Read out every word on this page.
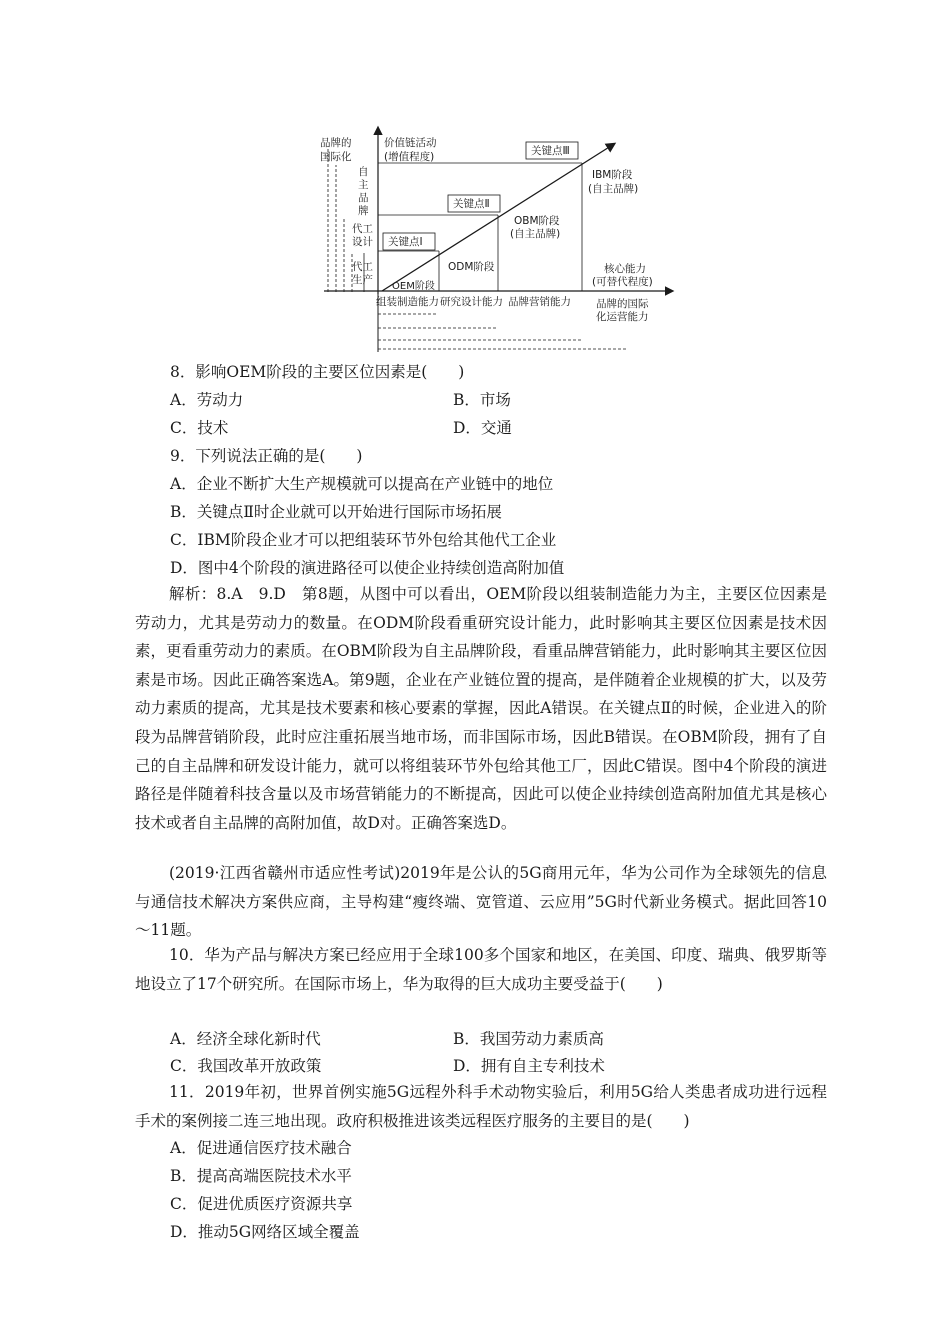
品牌的
国际化
价值链活动
(增值程度)
自
主
品
牌
代工
设计
代工
生产
关键点Ⅰ
关键点Ⅱ
关键点Ⅲ
OEM阶段
ODM阶段
OBM阶段
(自主品牌)
IBM阶段
(自主品牌)
核心能力
(可替代程度)
组装制造能力 研究设计能力 品牌营销能力 品牌的国际
化运营能力
8．影响OEM阶段的主要区位因素是(　　)
A．劳动力	B．市场
C．技术	D．交通
9．下列说法正确的是(　　)
A．企业不断扩大生产规模就可以提高在产业链中的地位
B．关键点Ⅱ时企业就可以开始进行国际市场拓展
C．IBM阶段企业才可以把组装环节外包给其他代工企业
D．图中4个阶段的演进路径可以使企业持续创造高附加值
解析：8.A　9.D　第8题，从图中可以看出，OEM阶段以组装制造能力为主，主要区位因素是劳动力，尤其是劳动力的数量。在ODM阶段看重研究设计能力，此时影响其主要区位因素是技术因素，更看重劳动力的素质。在OBM阶段为自主品牌阶段，看重品牌营销能力，此时影响其主要区位因素是市场。因此正确答案选A。第9题，企业在产业链位置的提高，是伴随着企业规模的扩大，以及劳动力素质的提高，尤其是技术要素和核心要素的掌握，因此A错误。在关键点Ⅱ的时候，企业进入的阶段为品牌营销阶段，此时应注重拓展当地市场，而非国际市场，因此B错误。在OBM阶段，拥有了自己的自主品牌和研发设计能力，就可以将组装环节外包给其他工厂，因此C错误。图中4个阶段的演进路径是伴随着科技含量以及市场营销能力的不断提高，因此可以使企业持续创造高附加值尤其是核心技术或者自主品牌的高附加值，故D对。正确答案选D。
(2019·江西省赣州市适应性考试)2019年是公认的5G商用元年，华为公司作为全球领先的信息与通信技术解决方案供应商，主导构建“瘦终端、宽管道、云应用”5G时代新业务模式。据此回答10～11题。
10．华为产品与解决方案已经应用于全球100多个国家和地区，在美国、印度、瑞典、俄罗斯等地设立了17个研究所。在国际市场上，华为取得的巨大成功主要受益于(　　)
A．经济全球化新时代	B．我国劳动力素质高
C．我国改革开放政策	D．拥有自主专利技术
11．2019年初，世界首例实施5G远程外科手术动物实验后，利用5G给人类患者成功进行远程手术的案例接二连三地出现。政府积极推进该类远程医疗服务的主要目的是(　　)
A．促进通信医疗技术融合
B．提高高端医院技术水平
C．促进优质医疗资源共享
D．推动5G网络区域全覆盖
